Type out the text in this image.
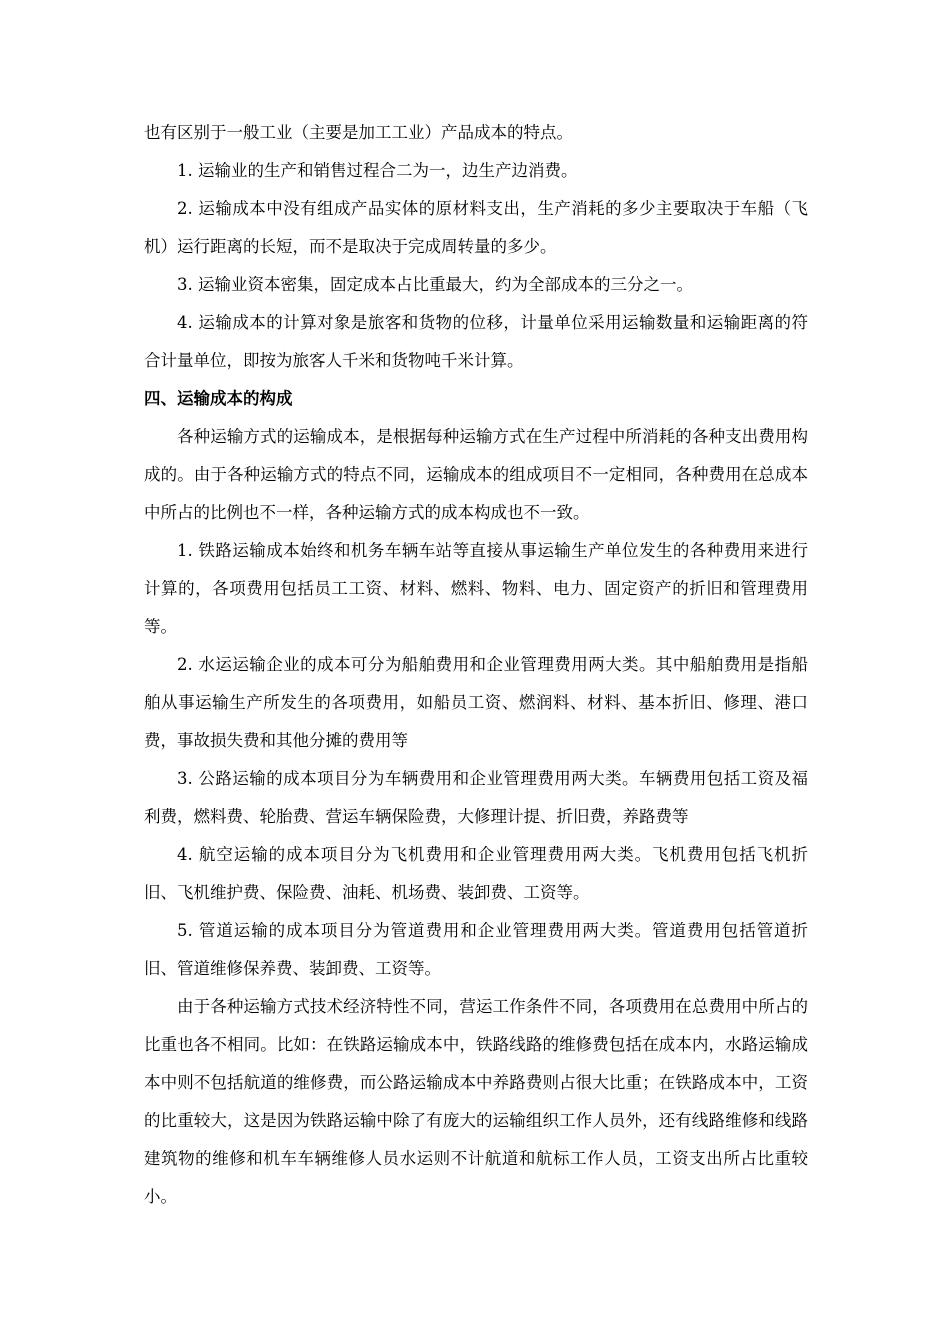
也有区别于一般工业（主要是加工工业）产品成本的特点。

1. 运输业的生产和销售过程合二为一，边生产边消费。

2. 运输成本中没有组成产品实体的原材料支出，生产消耗的多少主要取决于车船（飞机）运行距离的长短，而不是取决于完成周转量的多少。

3. 运输业资本密集，固定成本占比重最大，约为全部成本的三分之一。

4. 运输成本的计算对象是旅客和货物的位移，计量单位采用运输数量和运输距离的符合计量单位，即按为旅客人千米和货物吨千米计算。

四、运输成本的构成

各种运输方式的运输成本，是根据每种运输方式在生产过程中所消耗的各种支出费用构成的。由于各种运输方式的特点不同，运输成本的组成项目不一定相同，各种费用在总成本中所占的比例也不一样，各种运输方式的成本构成也不一致。

1. 铁路运输成本始终和机务车辆车站等直接从事运输生产单位发生的各种费用来进行计算的，各项费用包括员工工资、材料、燃料、物料、电力、固定资产的折旧和管理费用等。

2. 水运运输企业的成本可分为船舶费用和企业管理费用两大类。其中船舶费用是指船舶从事运输生产所发生的各项费用，如船员工资、燃润料、材料、基本折旧、修理、港口费，事故损失费和其他分摊的费用等

3. 公路运输的成本项目分为车辆费用和企业管理费用两大类。车辆费用包括工资及福利费，燃料费、轮胎费、营运车辆保险费，大修理计提、折旧费，养路费等

4. 航空运输的成本项目分为飞机费用和企业管理费用两大类。飞机费用包括飞机折旧、飞机维护费、保险费、油耗、机场费、装卸费、工资等。

5. 管道运输的成本项目分为管道费用和企业管理费用两大类。管道费用包括管道折旧、管道维修保养费、装卸费、工资等。

由于各种运输方式技术经济特性不同，营运工作条件不同，各项费用在总费用中所占的比重也各不相同。比如：在铁路运输成本中，铁路线路的维修费包括在成本内，水路运输成本中则不包括航道的维修费，而公路运输成本中养路费则占很大比重；在铁路成本中，工资的比重较大，这是因为铁路运输中除了有庞大的运输组织工作人员外，还有线路维修和线路建筑物的维修和机车车辆维修人员水运则不计航道和航标工作人员，工资支出所占比重较小。
